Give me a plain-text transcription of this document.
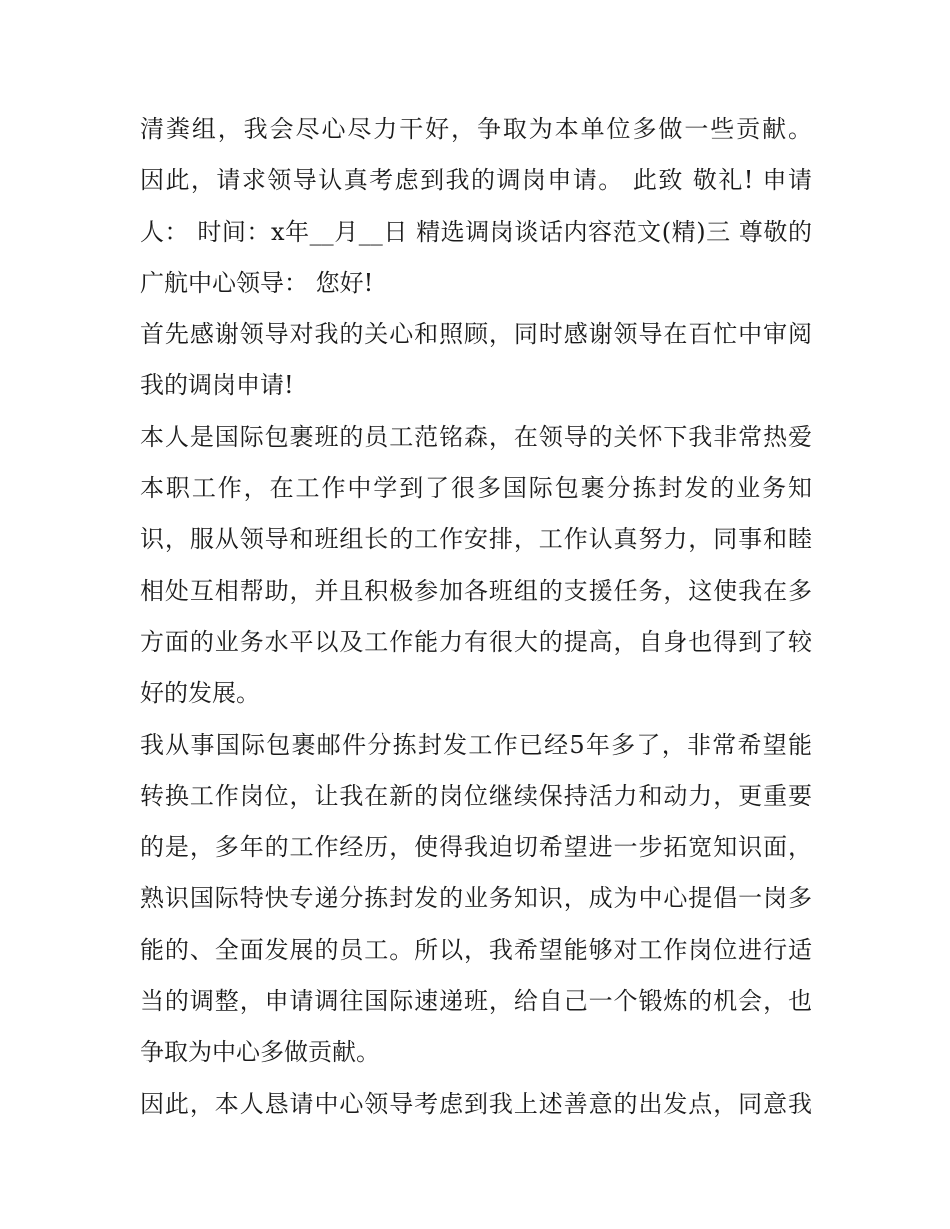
清粪组，我会尽心尽力干好，争取为本单位多做一些贡献。
因此，请求领导认真考虑到我的调岗申请。 此致 敬礼! 申请
人： 时间：x年__月__日 精选调岗谈话内容范文(精)三 尊敬的
广航中心领导： 您好!
首先感谢领导对我的关心和照顾，同时感谢领导在百忙中审阅
我的调岗申请!
本人是国际包裹班的员工范铭森，在领导的关怀下我非常热爱
本职工作，在工作中学到了很多国际包裹分拣封发的业务知
识，服从领导和班组长的工作安排，工作认真努力，同事和睦
相处互相帮助，并且积极参加各班组的支援任务，这使我在多
方面的业务水平以及工作能力有很大的提高，自身也得到了较
好的发展。
我从事国际包裹邮件分拣封发工作已经5年多了，非常希望能
转换工作岗位，让我在新的岗位继续保持活力和动力，更重要
的是，多年的工作经历，使得我迫切希望进一步拓宽知识面，
熟识国际特快专递分拣封发的业务知识，成为中心提倡一岗多
能的、全面发展的员工。所以，我希望能够对工作岗位进行适
当的调整，申请调往国际速递班，给自己一个锻炼的机会，也
争取为中心多做贡献。
因此，本人恳请中心领导考虑到我上述善意的出发点，同意我
